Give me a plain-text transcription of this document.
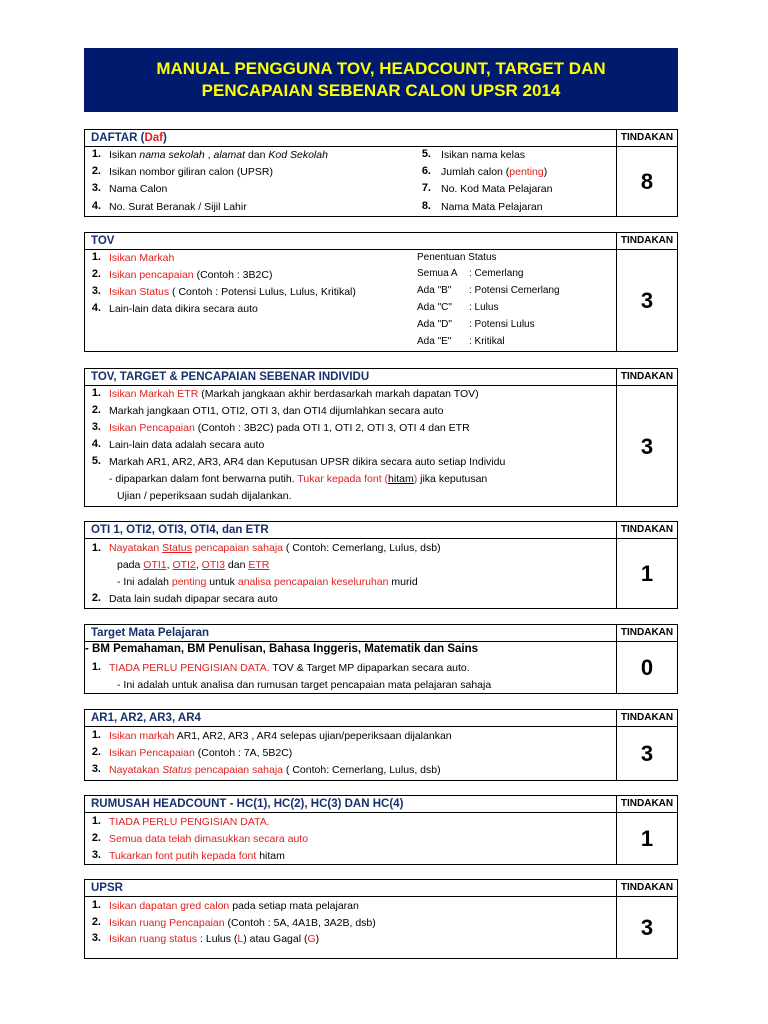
MANUAL PENGGUNA TOV, HEADCOUNT, TARGET DAN
PENCAPAIAN SEBENAR CALON UPSR 2014
DAFTAR (Daf)	TINDAKAN
1. Isikan nama sekolah , alamat dan Kod Sekolah
2. Isikan nombor giliran calon (UPSR)
3. Nama Calon
4. No. Surat Beranak / Sijil Lahir
5. Isikan nama kelas
6. Jumlah calon (penting)
7. No. Kod Mata Pelajaran
8. Nama Mata Pelajaran
8
TOV	TINDAKAN
1. Isikan Markah
2. Isikan pencapaian (Contoh : 3B2C)
3. Isikan Status ( Contoh : Potensi Lulus, Lulus, Kritikal)
4. Lain-lain data dikira secara auto
Penentuan Status
Semua A : Cemerlang
Ada "B" : Potensi Cemerlang
Ada "C" : Lulus
Ada "D" : Potensi Lulus
Ada "E" : Kritikal
3
TOV, TARGET & PENCAPAIAN SEBENAR INDIVIDU	TINDAKAN
1. Isikan Markah ETR (Markah jangkaan akhir berdasarkah markah dapatan TOV)
2. Markah jangkaan OTI1, OTI2, OTI 3, dan OTI4 dijumlahkan secara auto
3. Isikan Pencapaian (Contoh : 3B2C) pada OTI 1, OTI 2, OTI 3, OTI 4 dan ETR
4. Lain-lain data adalah secara auto
5. Markah AR1, AR2, AR3, AR4 dan Keputusan UPSR dikira secara auto setiap Individu
- dipaparkan dalam font berwarna putih. Tukar kepada font (hitam) jika keputusan
Ujian / peperiksaan sudah dijalankan.
3
OTI 1, OTI2, OTI3, OTI4, dan ETR	TINDAKAN
1. Nayatakan Status pencapaian sahaja ( Contoh: Cemerlang, Lulus, dsb)
pada OTI1, OTI2, OTI3 dan ETR
- Ini adalah penting untuk analisa pencapaian keseluruhan murid
2. Data lain sudah dipapar secara auto
1
Target Mata Pelajaran	TINDAKAN
- BM Pemahaman, BM Penulisan, Bahasa Inggeris, Matematik dan Sains
1. TIADA PERLU PENGISIAN DATA. TOV & Target MP dipaparkan secara auto.
- Ini adalah untuk analisa dan rumusan target pencapaian mata pelajaran sahaja
0
AR1, AR2, AR3, AR4	TINDAKAN
1. Isikan markah AR1, AR2, AR3 , AR4 selepas ujian/peperiksaan dijalankan
2. Isikan Pencapaian (Contoh : 7A, 5B2C)
3. Nayatakan Status pencapaian sahaja ( Contoh: Cemerlang, Lulus, dsb)
3
RUMUSAH HEADCOUNT - HC(1), HC(2), HC(3) DAN HC(4)	TINDAKAN
1. TIADA PERLU PENGISIAN DATA.
2. Semua data telah dimasukkan secara auto
3. Tukarkan font putih kepada font hitam
1
UPSR	TINDAKAN
1. Isikan dapatan gred calon pada setiap mata pelajaran
2. Isikan ruang Pencapaian (Contoh : 5A, 4A1B, 3A2B, dsb)
3. Isikan ruang status : Lulus (L) atau Gagal (G)	3
